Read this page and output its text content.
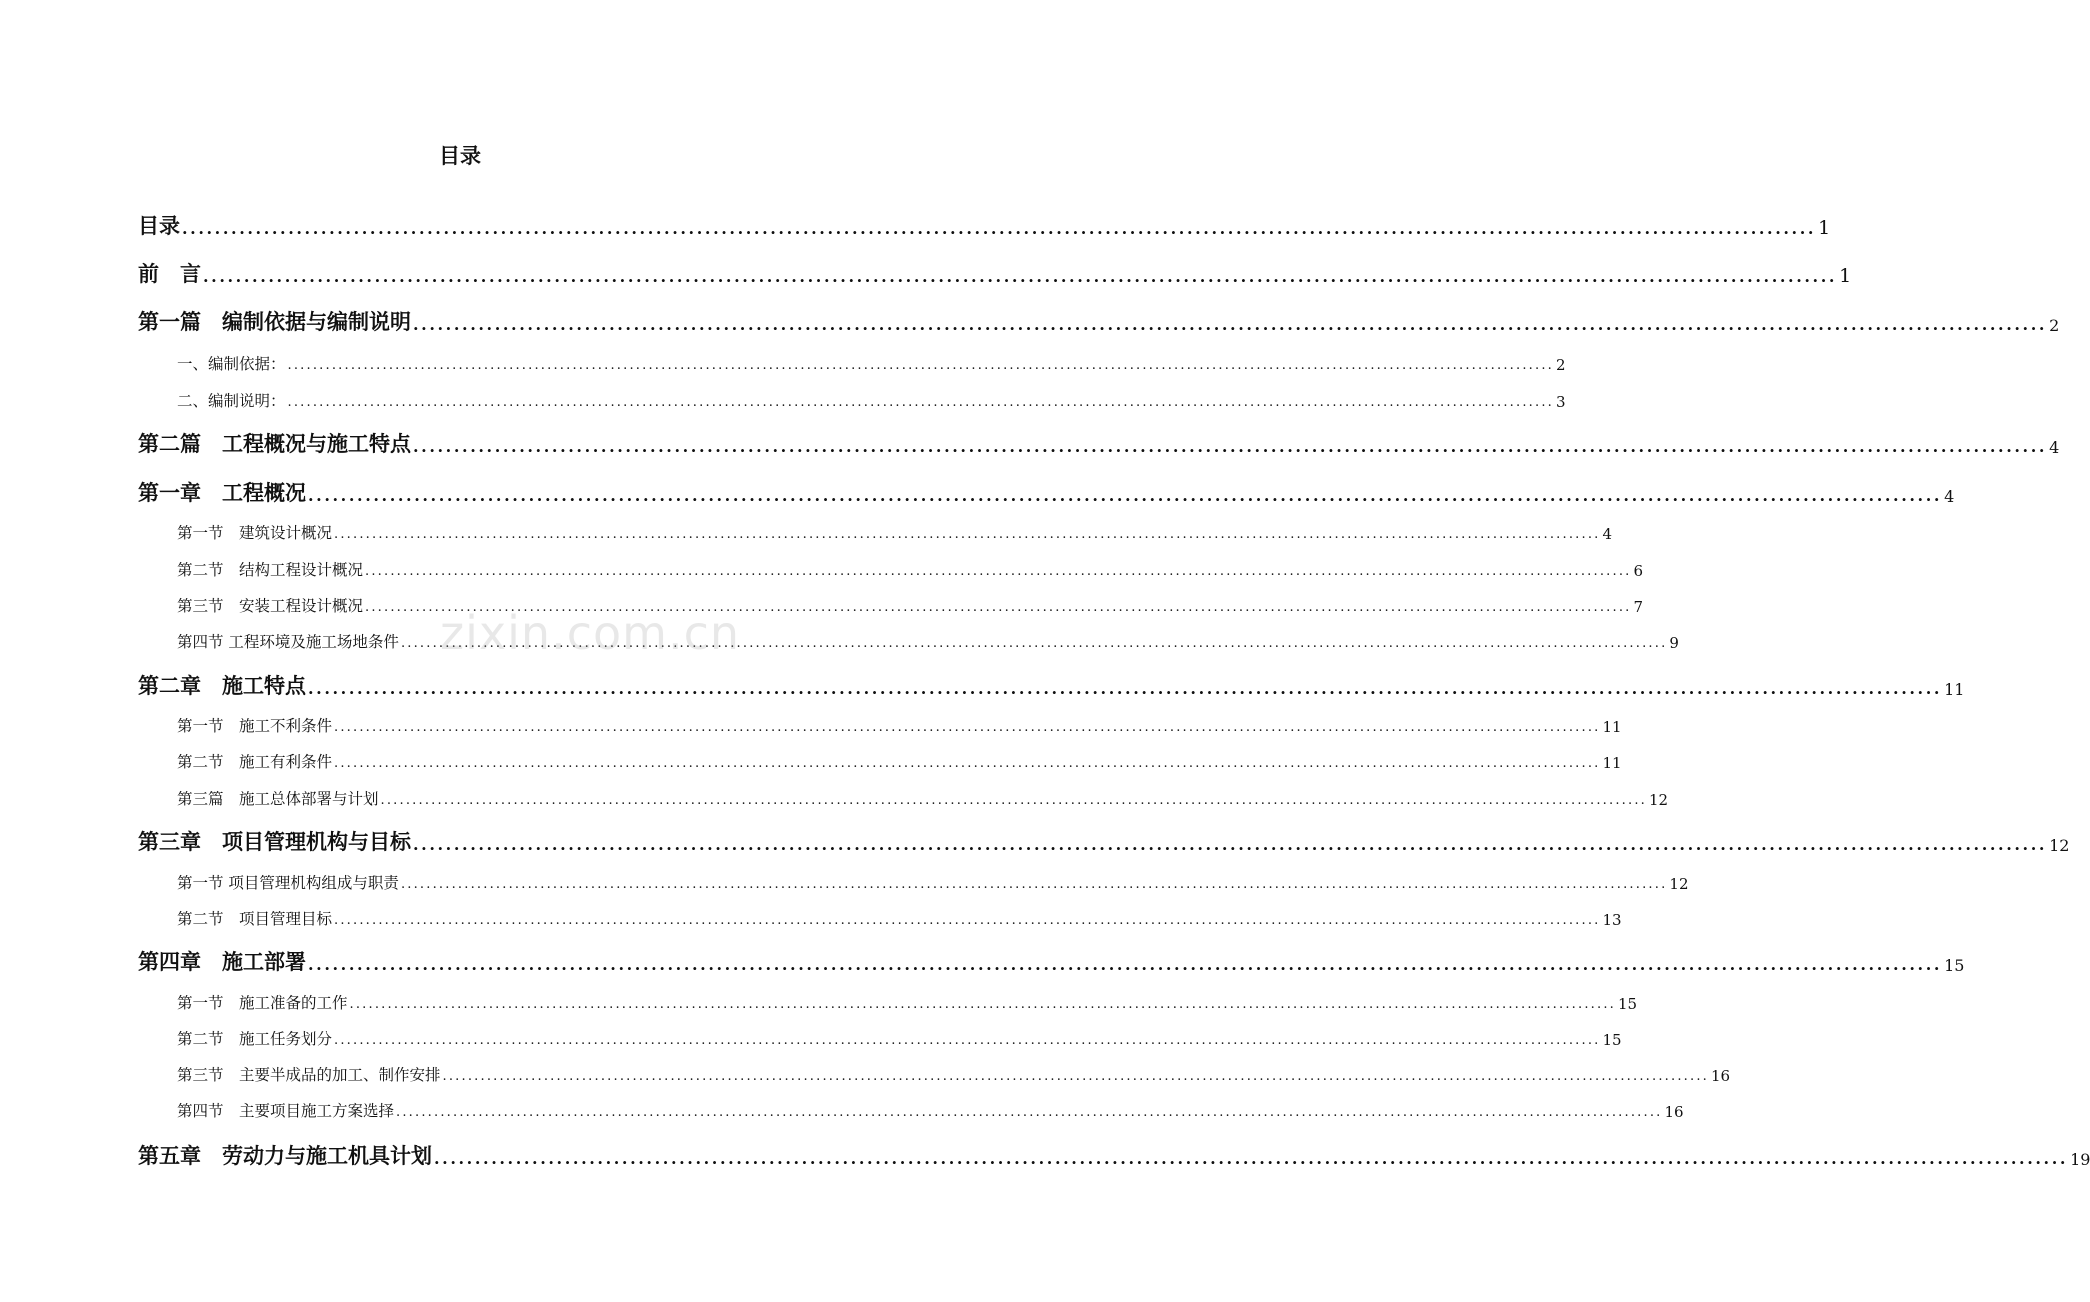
目录
目录 ........................................................................................................................................................................................................ 1
前　言 ........................................................................................................................................................................................................ 1
第一篇　编制依据与编制说明 ........................................................................................................................................................................................................ 2
一、编制依据： ........................................................................................................................................................................................................ 2
二、编制说明： ........................................................................................................................................................................................................ 3
第二篇　工程概况与施工特点 ........................................................................................................................................................................................................ 4
第一章　工程概况 ........................................................................................................................................................................................................ 4
第一节　建筑设计概况 ........................................................................................................................................................................................................ 4
第二节　结构工程设计概况 ........................................................................................................................................................................................................ 6
第三节　安装工程设计概况 ........................................................................................................................................................................................................ 7
第四节 工程环境及施工场地条件 ........................................................................................................................................................................................................ 9
第二章　施工特点 ........................................................................................................................................................................................................ 11
第一节　施工不利条件 ........................................................................................................................................................................................................ 11
第二节　施工有利条件 ........................................................................................................................................................................................................ 11
第三篇　施工总体部署与计划 ........................................................................................................................................................................................................ 12
第三章　项目管理机构与目标 ........................................................................................................................................................................................................ 12
第一节 项目管理机构组成与职责 ........................................................................................................................................................................................................ 12
第二节　项目管理目标 ........................................................................................................................................................................................................ 13
第四章　施工部署 ........................................................................................................................................................................................................ 15
第一节　施工准备的工作 ........................................................................................................................................................................................................ 15
第二节　施工任务划分 ........................................................................................................................................................................................................ 15
第三节　主要半成品的加工、制作安排 ........................................................................................................................................................................................................ 16
第四节　主要项目施工方案选择 ........................................................................................................................................................................................................ 16
第五章　劳动力与施工机具计划 ........................................................................................................................................................................................................ 19
zixin.com.cn
